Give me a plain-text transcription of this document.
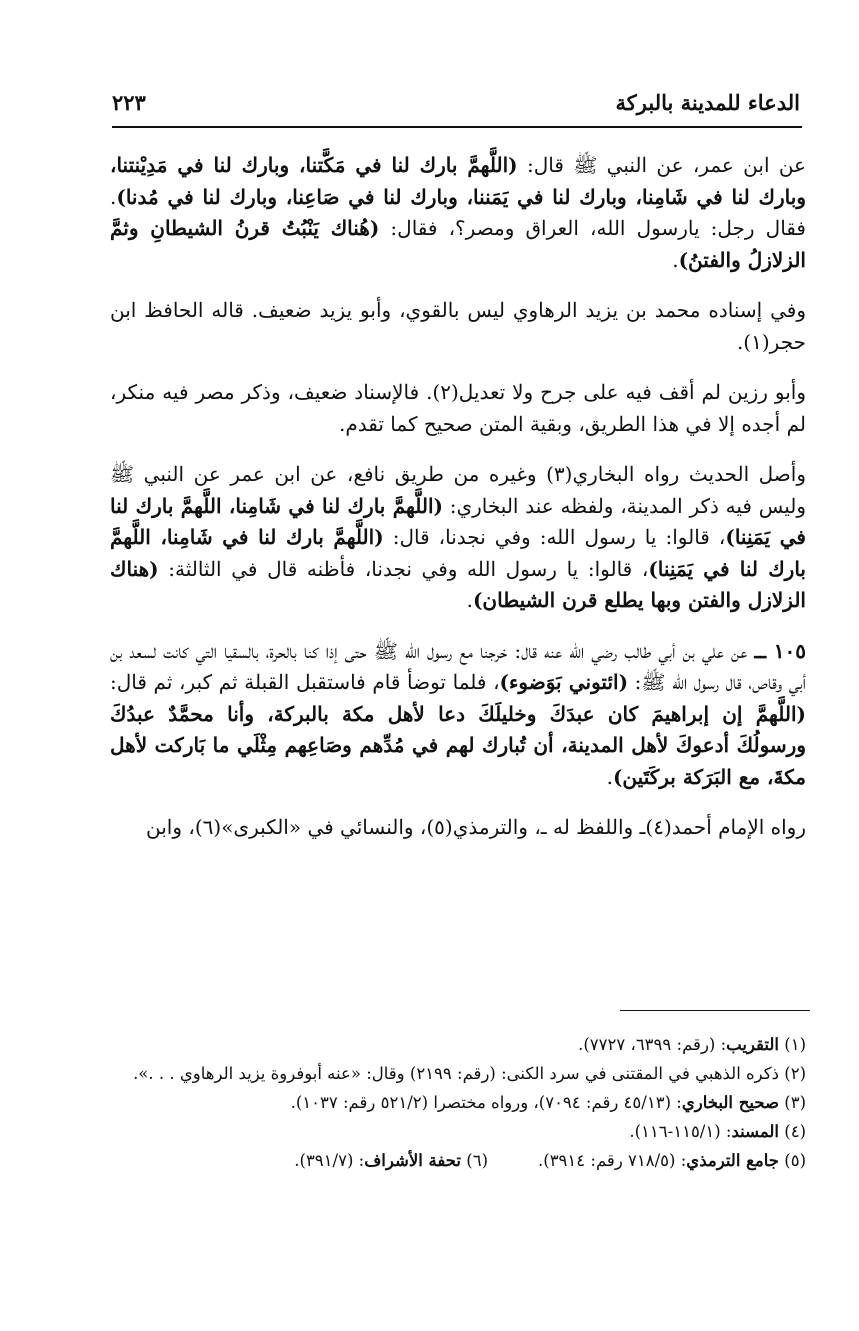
الدعاء للمدينة بالبركة
٢٢٣

عن ابن عمر، عن النبي ﷺ قال: (اللَّهمَّ بارك لنا في مَكَّتنا، وبارك لنا في مَدِيْنتنا، وبارك لنا في شَامِنا، وبارك لنا في يَمَننا، وبارك لنا في صَاعِنا، وبارك لنا في مُدنا). فقال رجل: يارسول الله، العراق ومصر؟، فقال: (هُناك يَنْبُتُ قرنُ الشيطانِ وثمَّ الزلازلُ والفتنُ).

وفي إسناده محمد بن يزيد الرهاوي ليس بالقوي، وأبو يزيد ضعيف. قاله الحافظ ابن حجر(١).

وأبو رزين لم أقف فيه على جرح ولا تعديل(٢). فالإسناد ضعيف، وذكر مصر فيه منكر، لم أجده إلا في هذا الطريق، وبقية المتن صحيح كما تقدم.

وأصل الحديث رواه البخاري(٣) وغيره من طريق نافع، عن ابن عمر عن النبي ﷺ وليس فيه ذكر المدينة، ولفظه عند البخاري: (اللَّهمَّ بارك لنا في شَامِنا، اللَّهمَّ بارك لنا في يَمَنِنا)، قالوا: يا رسول الله: وفي نجدنا، قال: (اللَّهمَّ بارك لنا في شَامِنا، اللَّهمَّ بارك لنا في يَمَنِنا)، قالوا: يا رسول الله وفي نجدنا، فأظنه قال في الثالثة: (هناك الزلازل والفتن وبها يطلع قرن الشيطان).

١٠٥ ــ عن علي بن أبي طالب رضي الله عنه قال: خرجنا مع رسول الله ﷺ حتى إذا كنا بالحرة، بالسقيا التي كانت لسعد بن أبي وقاص، قال رسول الله ﷺ: (ائتوني بَوَضوء)، فلما توضأ قام فاستقبل القبلة ثم كبر، ثم قال: (اللَّهمَّ إن إبراهيمَ كان عبدَكَ وخليلَكَ دعا لأهل مكة بالبركة، وأنا محمَّدٌ عبدُكَ ورسولُكَ أدعوكَ لأهل المدينة، أن تُبارك لهم في مُدِّهم وصَاعِهم مِثْلَي ما بَاركت لأهل مكةَ، مع البَرَكة بركَتَين).

رواه الإمام أحمد(٤)ـ واللفظ له ـ، والترمذي(٥)، والنسائي في «الكبرى»(٦)، وابن

(١) التقريب: (رقم: ٦٣٩٩، ٧٧٢٧).

(٢) ذكره الذهبي في المقتنى في سرد الكنى: (رقم: ٢١٩٩) وقال: «عنه أبوفروة يزيد الرهاوي . . .».

(٣) صحيح البخاري: (٤٥/١٣ رقم: ٧٠٩٤)، ورواه مختصرا (٥٢١/٢ رقم: ١٠٣٧).

(٤) المسند: (١١٥/١-١١٦).

(٥) جامع الترمذي: (٧١٨/٥ رقم: ٣٩١٤).
(٦) تحفة الأشراف: (٣٩١/٧).
